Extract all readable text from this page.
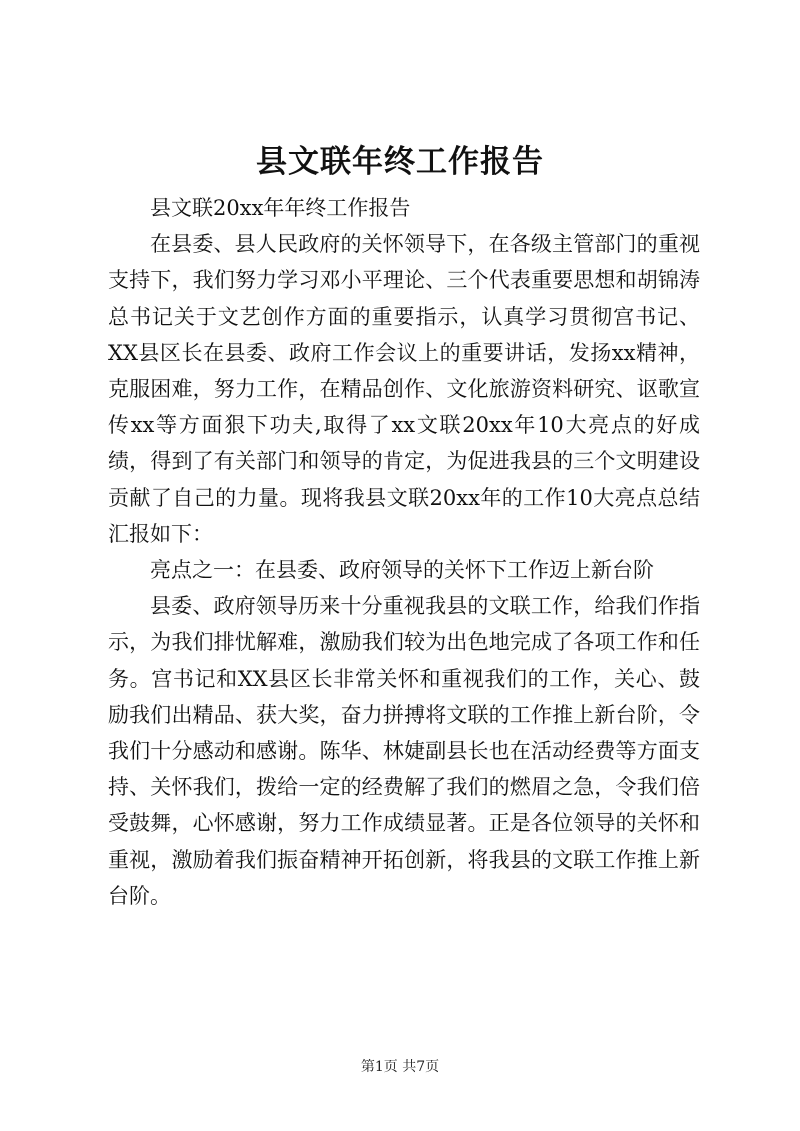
县文联年终工作报告

县文联20xx年年终工作报告

在县委、县人民政府的关怀领导下，在各级主管部门的重视支持下，我们努力学习邓小平理论、三个代表重要思想和胡锦涛总书记关于文艺创作方面的重要指示，认真学习贯彻宫书记、XX县区长在县委、政府工作会议上的重要讲话，发扬xx精神，克服困难，努力工作，在精品创作、文化旅游资料研究、讴歌宣传xx等方面狠下功夫,取得了xx文联20xx年10大亮点的好成绩，得到了有关部门和领导的肯定，为促进我县的三个文明建设贡献了自己的力量。现将我县文联20xx年的工作10大亮点总结汇报如下：

亮点之一：在县委、政府领导的关怀下工作迈上新台阶

县委、政府领导历来十分重视我县的文联工作，给我们作指示，为我们排忧解难，激励我们较为出色地完成了各项工作和任务。宫书记和XX县区长非常关怀和重视我们的工作，关心、鼓励我们出精品、获大奖，奋力拼搏将文联的工作推上新台阶，令我们十分感动和感谢。陈华、林婕副县长也在活动经费等方面支持、关怀我们，拨给一定的经费解了我们的燃眉之急，令我们倍受鼓舞，心怀感谢，努力工作成绩显著。正是各位领导的关怀和重视，激励着我们振奋精神开拓创新，将我县的文联工作推上新台阶。

第1页 共7页
